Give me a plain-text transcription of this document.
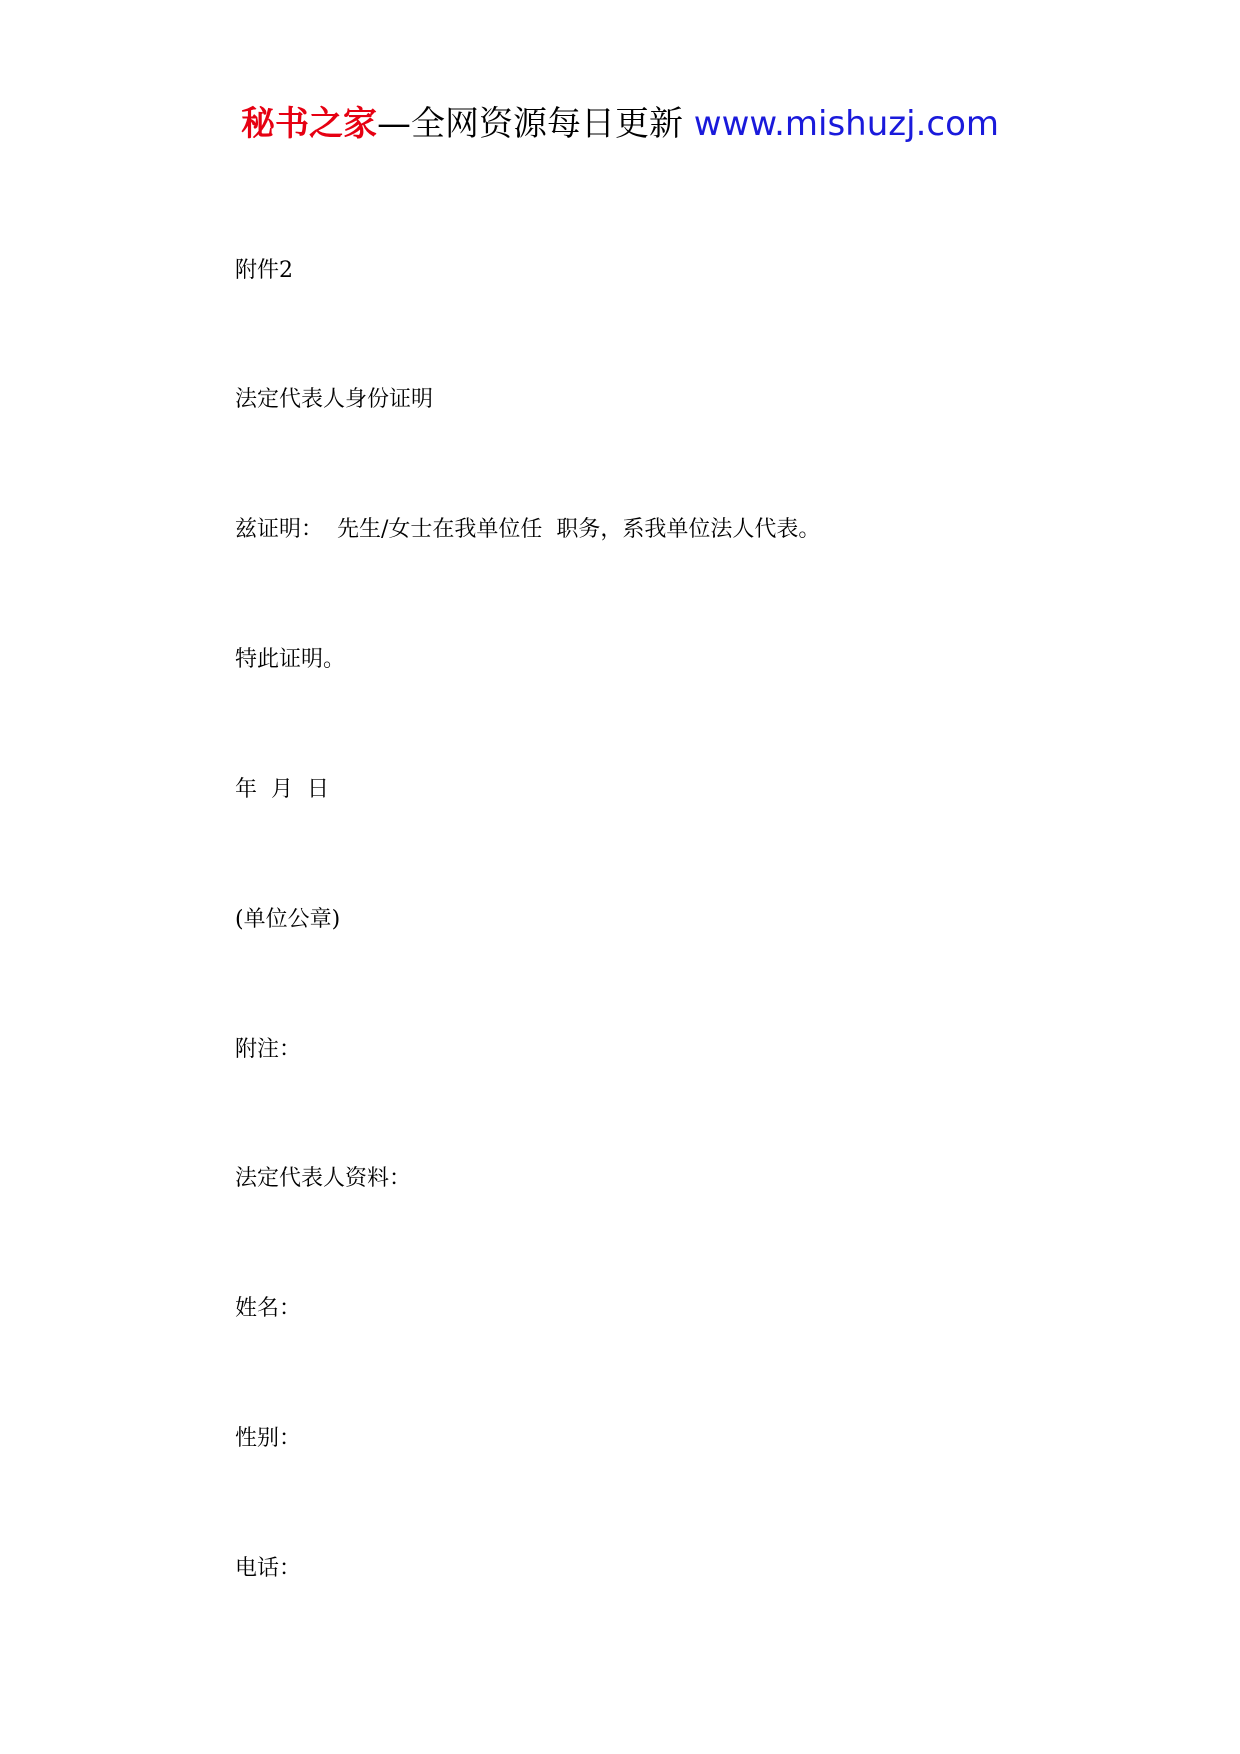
秘书之家—全网资源每日更新 www.mishuzj.com
附件2
法定代表人身份证明
兹证明：  先生/女士在我单位任  职务，系我单位法人代表。
特此证明。
年  月  日
(单位公章)
附注：
法定代表人资料：
姓名：
性别：
电话：
